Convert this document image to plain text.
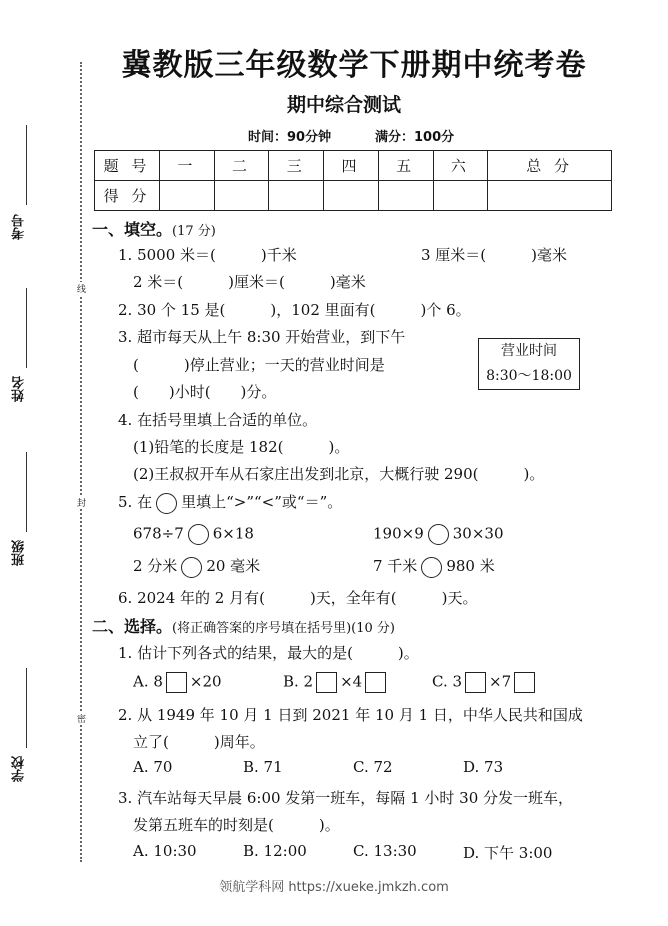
冀教版三年级数学下册期中统考卷
期中综合测试
时间：90分钟	满分：100分
题 号	一	二	三	四	五	六	总 分
得 分							
线
封
密
考号
姓名
班级
学校
一、填空。(17 分)
1. 5000 米＝(　　　)千米	3 厘米＝(　　　)毫米
2 米＝(　　　)厘米＝(　　　)毫米
2. 30 个 15 是(　　　)，102 里面有(　　　)个 6。
3. 超市每天从上午 8:30 开始营业，到下午
(　　　)停止营业；一天的营业时间是
(　　)小时(　　)分。
营业时间
8:30～18:00
4. 在括号里填上合适的单位。
(1)铅笔的长度是 182(　　　)。
(2)王叔叔开车从石家庄出发到北京，大概行驶 290(　　　)。
5. 在 里填上“>”“<”或“＝”。
678÷7 6×18	190×9 30×30
2 分米 20 毫米	7 千米 980 米
6. 2024 年的 2 月有(　　　)天，全年有(　　　)天。
二、选择。(将正确答案的序号填在括号里)(10 分)
1. 估计下列各式的结果，最大的是(　　　)。
A. 8 ×20	B. 2 ×4	C. 3 ×7
2. 从 1949 年 10 月 1 日到 2021 年 10 月 1 日，中华人民共和国成
立了(　　　)周年。
A. 70	B. 71	C. 72	D. 73
3. 汽车站每天早晨 6:00 发第一班车，每隔 1 小时 30 分发一班车，
发第五班车的时刻是(　　　)。
A. 10:30	B. 12:00	C. 13:30	D. 下午 3:00
领航学科网 https://xueke.jmkzh.com
